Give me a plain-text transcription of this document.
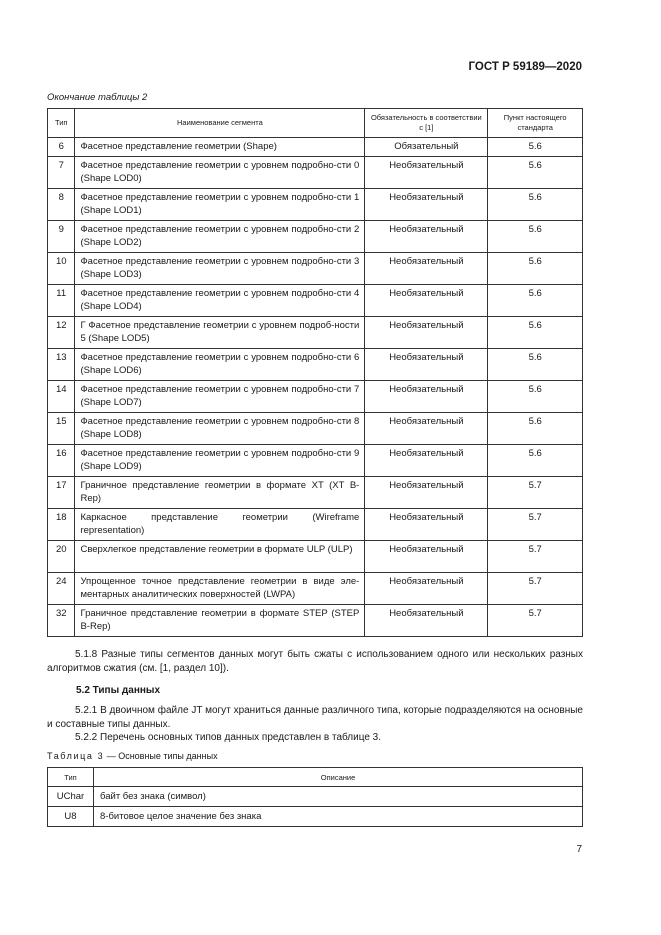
ГОСТ Р 59189—2020
Окончание таблицы 2
Тип	Наименование сегмента	Обязательность в соответствии с [1]	Пункт настоящего стандарта
6	Фасетное представление геометрии (Shape)	Обязательный	5.6
7	Фасетное представление геометрии с уровнем подробно-сти 0 (Shape LOD0)	Необязательный	5.6
8	Фасетное представление геометрии с уровнем подробно-сти 1 (Shape LOD1)	Необязательный	5.6
9	Фасетное представление геометрии с уровнем подробно-сти 2 (Shape LOD2)	Необязательный	5.6
10	Фасетное представление геометрии с уровнем подробно-сти 3 (Shape LOD3)	Необязательный	5.6
11	Фасетное представление геометрии с уровнем подробно-сти 4 (Shape LOD4)	Необязательный	5.6
12	Г Фасетное представление геометрии с уровнем подроб-ности 5 (Shape LOD5)	Необязательный	5.6
13	Фасетное представление геометрии с уровнем подробно-сти 6 (Shape LOD6)	Необязательный	5.6
14	Фасетное представление геометрии с уровнем подробно-сти 7 (Shape LOD7)	Необязательный	5.6
15	Фасетное представление геометрии с уровнем подробно-сти 8 (Shape LOD8)	Необязательный	5.6
16	Фасетное представление геометрии с уровнем подробно-сти 9 (Shape LOD9)	Необязательный	5.6
17	Граничное представление геометрии в формате XT (XT B-Rep)	Необязательный	5.7
18	Каркасное представление геометрии (Wireframe representation)	Необязательный	5.7
20	Сверхлегкое представление геометрии в формате ULP (ULP)	Необязательный	5.7
24	Упрощенное точное представление геометрии в виде эле-ментарных аналитических поверхностей (LWPA)	Необязательный	5.7
32	Граничное представление геометрии в формате STEP (STEP B-Rep)	Необязательный	5.7
5.1.8 Разные типы сегментов данных могут быть сжаты с использованием одного или нескольких разных алгоритмов сжатия (см. [1, раздел 10]).
5.2 Типы данных
5.2.1 В двоичном файле JT могут храниться данные различного типа, которые подразделяются на основные и составные типы данных.
5.2.2 Перечень основных типов данных представлен в таблице 3.
Таблица 3 — Основные типы данных
Тип	Описание
UChar	байт без знака (символ)
U8	8-битовое целое значение без знака
7
